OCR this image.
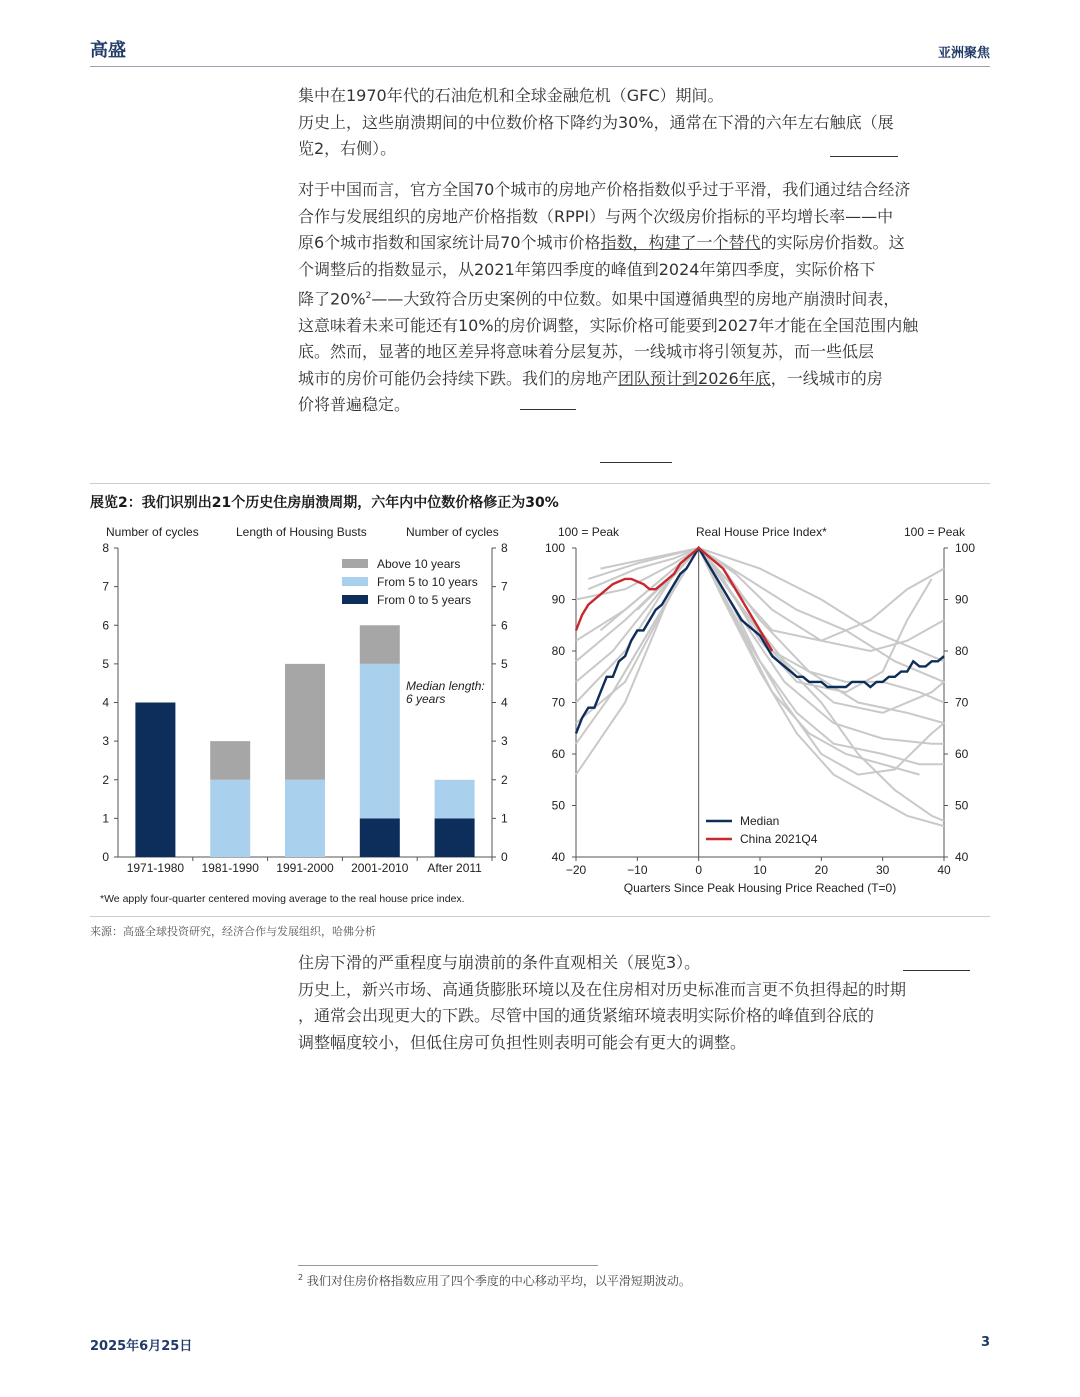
高盛	亚洲聚焦

集中在1970年代的石油危机和全球金融危机（GFC）期间。

历史上，这些崩溃期间的中位数价格下降约为30%，通常在下滑的六年左右触底（展

览2，右侧）。

对于中国而言，官方全国70个城市的房地产价格指数似乎过于平滑，我们通过结合经济

合作与发展组织的房地产价格指数（RPPI）与两个次级房价指标的平均增长率——中

原6个城市指数和国家统计局70个城市价格指数，构建了一个替代的实际房价指数。这

个调整后的指数显示，从2021年第四季度的峰值到2024年第四季度，实际价格下

降了20%$^2$——大致符合历史案例的中位数。如果中国遵循典型的房地产崩溃时间表，

这意味着未来可能还有10%的房价调整，实际价格可能要到2027年才能在全国范围内触

底。然而，显著的地区差异将意味着分层复苏，一线城市将引领复苏，而一些低层

城市的房价可能仍会持续下跌。我们的房地产团队预计到2026年底，一线城市的房

价将普遍稳定。

展览2：我们识别出21个历史住房崩溃周期，六年内中位数价格修正为30%
Number of cycles	Length of Housing Busts	Number of cycles
0	0
1	1
2	2
3	3
4	4
5	5
6	6
7	7
8	8
1971-1980 1981-1990 1991-2000 2001-2010 After 2011
Above 10 years
From 5 to 10 years
From 0 to 5 years
Median length:
6 years
*We apply four-quarter centered moving average to the real house price index.
100 = Peak	Real House Price Index*	100 = Peak
40	40
50	50
60	60
70	70
80	80
90	90
100	100
−20	−10	0	10	20	30	40
Quarters Since Peak Housing Price Reached (T=0)
Median
China 2021Q4
来源：高盛全球投资研究，经济合作与发展组织，哈佛分析

住房下滑的严重程度与崩溃前的条件直观相关（展览3）。

历史上，新兴市场、高通货膨胀环境以及在住房相对历史标准而言更不负担得起的时期

，通常会出现更大的下跌。尽管中国的通货紧缩环境表明实际价格的峰值到谷底的

调整幅度较小，但低住房可负担性则表明可能会有更大的调整。

$^2$ 我们对住房价格指数应用了四个季度的中心移动平均，以平滑短期波动。
2025年6月25日	3
